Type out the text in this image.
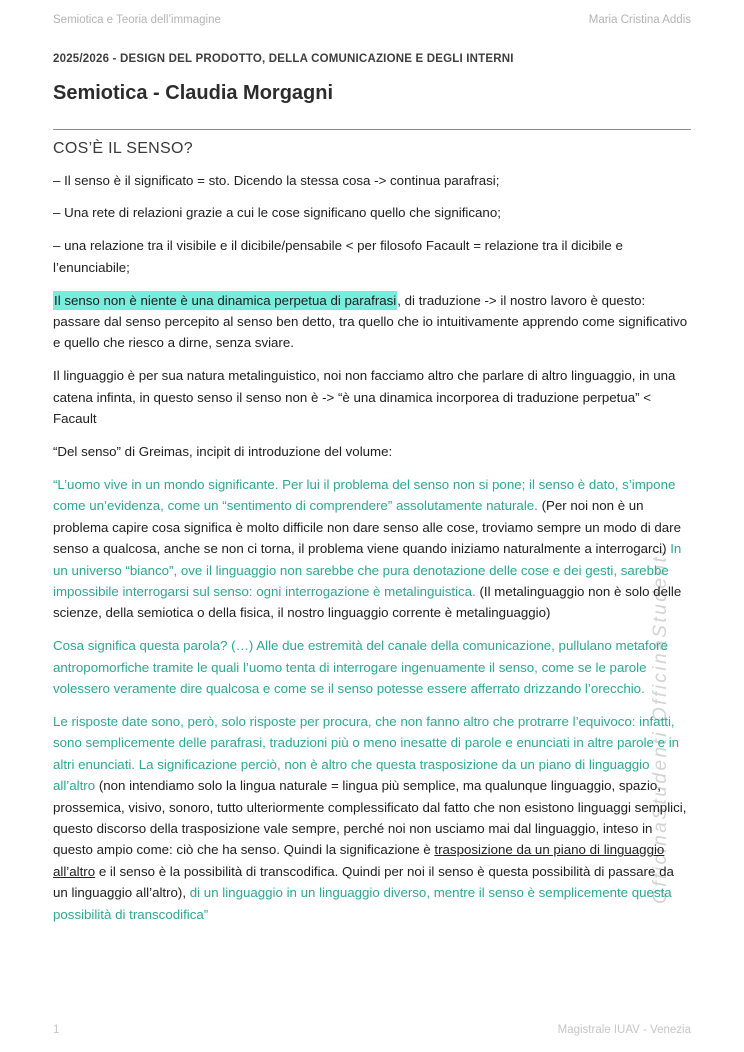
Semiotica e Teoria dell’immagine	Maria Cristina Addis
2025/2026 - DESIGN DEL PRODOTTO, DELLA COMUNICAZIONE E DEGLI INTERNI
Semiotica - Claudia Morgagni
COS’È IL SENSO?

– Il senso è il significato = sto. Dicendo la stessa cosa -> continua parafrasi;

– Una rete di relazioni grazie a cui le cose significano quello che significano;

– una relazione tra il visibile e il dicibile/pensabile < per filosofo Facault = relazione tra il dicibile e l’enunciabile;

Il senso non è niente è una dinamica perpetua di parafrasi, di traduzione -> il nostro lavoro è questo: passare dal senso percepito al senso ben detto, tra quello che io intuitivamente apprendo come significativo e quello che riesco a dirne, senza sviare.

Il linguaggio è per sua natura metalinguistico, noi non facciamo altro che parlare di altro linguaggio, in una catena infinta, in questo senso il senso non è -> “è una dinamica incorporea di traduzione perpetua” < Facault

“Del senso” di Greimas, incipit di introduzione del volume:

“L’uomo vive in un mondo significante. Per lui il problema del senso non si pone; il senso è dato, s’impone come un’evidenza, come un “sentimento di comprendere” assolutamente naturale. (Per noi non è un problema capire cosa significa è molto difficile non dare senso alle cose, troviamo sempre un modo di dare senso a qualcosa, anche se non ci torna, il problema viene quando iniziamo naturalmente a interrogarci) In un universo “bianco”, ove il linguaggio non sarebbe che pura denotazione delle cose e dei gesti, sarebbe impossibile interrogarsi sul senso: ogni interrogazione è metalinguistica. (Il metalinguaggio non è solo delle scienze, della semiotica o della fisica, il nostro linguaggio corrente è metalinguaggio)

Cosa significa questa parola? (…) Alle due estremità del canale della comunicazione, pullulano metafore antropomorfiche tramite le quali l’uomo tenta di interrogare ingenuamente il senso, come se le parole volessero veramente dire qualcosa e come se il senso potesse essere afferrato drizzando l’orecchio.

Le risposte date sono, però, solo risposte per procura, che non fanno altro che protrarre l’equivoco: infatti, sono semplicemente delle parafrasi, traduzioni più o meno inesatte di parole e enunciati in altre parole e in altri enunciati. La significazione perciò, non è altro che questa trasposizione da un piano di linguaggio all’altro (non intendiamo solo la lingua naturale = lingua più semplice, ma qualunque linguaggio, spazio, prossemica, visivo, sonoro, tutto ulteriormente complessificato dal fatto che non esistono linguaggi semplici, questo discorso della trasposizione vale sempre, perché noi non usciamo mai dal linguaggio, inteso in questo ampio come: ciò che ha senso. Quindi la significazione è trasposizione da un piano di linguaggio all’altro e il senso è la possibilità di transcodifica. Quindi per noi il senso è questa possibilità di passare da un linguaggio all’altro), di un linguaggio in un linguaggio diverso, mentre il senso è semplicemente questa possibilità di transcodifica”

OfficinaStudenti OfficinaStudenti
1	Magistrale IUAV - Venezia
